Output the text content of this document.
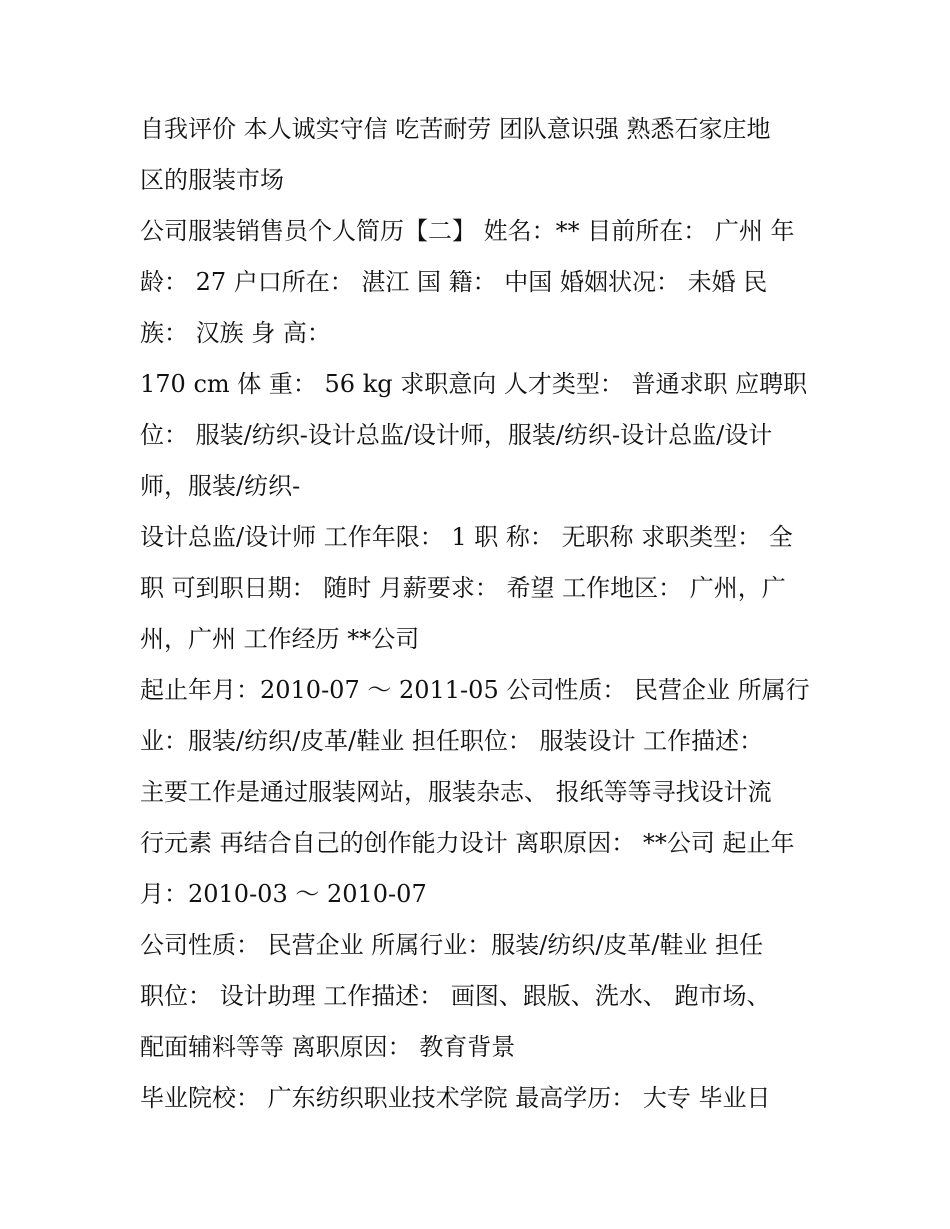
自我评价 本人诚实守信 吃苦耐劳 团队意识强 熟悉石家庄地

区的服装市场

公司服装销售员个人简历【二】 姓名：** 目前所在： 广州 年

龄： 27 户口所在： 湛江 国 籍： 中国 婚姻状况： 未婚 民

族： 汉族 身 高：

170 cm 体 重： 56 kg 求职意向 人才类型： 普通求职 应聘职

位： 服装/纺织-设计总监/设计师，服装/纺织-设计总监/设计

师，服装/纺织-

设计总监/设计师 工作年限： 1 职 称： 无职称 求职类型： 全

职 可到职日期： 随时 月薪要求： 希望 工作地区： 广州，广

州，广州 工作经历 **公司

起止年月：2010-07 ～ 2011-05 公司性质： 民营企业 所属行

业：服装/纺织/皮革/鞋业 担任职位： 服装设计 工作描述：

主要工作是通过服装网站，服装杂志、 报纸等等寻找设计流

行元素 再结合自己的创作能力设计 离职原因： **公司 起止年

月：2010-03 ～ 2010-07

公司性质： 民营企业 所属行业：服装/纺织/皮革/鞋业 担任

职位： 设计助理 工作描述： 画图、跟版、洗水、 跑市场、

配面辅料等等 离职原因： 教育背景

毕业院校： 广东纺织职业技术学院 最高学历： 大专 毕业日
